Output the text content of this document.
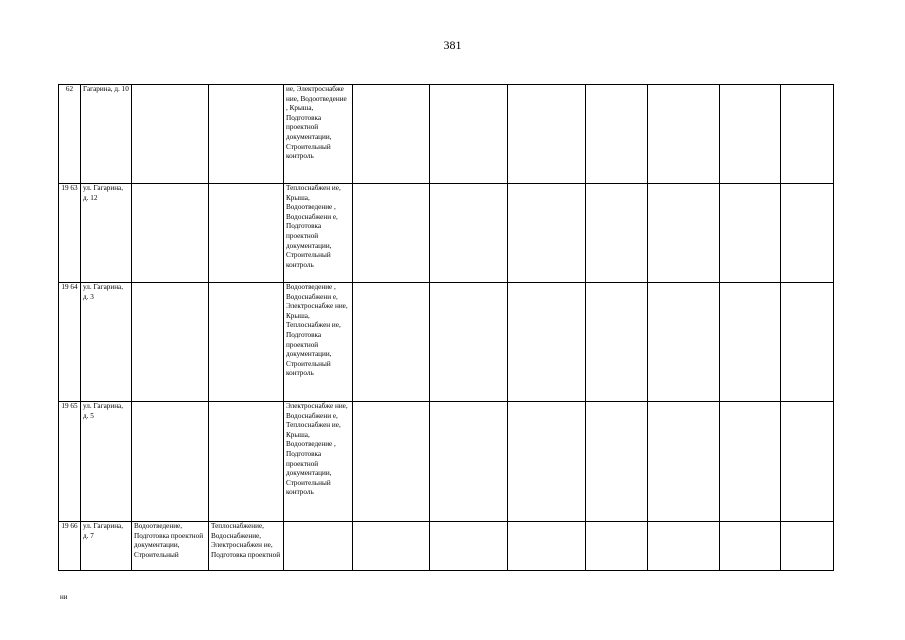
381
62	Гагарина, д. 10			ие, Электроснабже ние, Водоотведение , Крыша, Подготовка проектной документации, Строительный контроль							
19 63	ул. Гагарина, д. 12			Теплоснабжен ие, Крыша, Водоотведение , Водоснабжени е, Подготовка проектной документации, Строительный контроль							
19 64	ул. Гагарина, д. 3			Водоотведение , Водоснабжени е, Электроснабже ние, Крыша, Теплоснабжен ие, Подготовка проектной документации, Строительный контроль							
19 65	ул. Гагарина, д. 5			Электроснабже ние, Водоснабжени е, Теплоснабжен ие, Крыша, Водоотведение , Подготовка проектной документации, Строительный контроль							
19 66	ул. Гагарина, д. 7	Водоотведение, Подготовка проектной документации, Строительный	Теплоснабжение, Водоснабжение, Электроснабжен ие, Подготовка проектной								
ни
